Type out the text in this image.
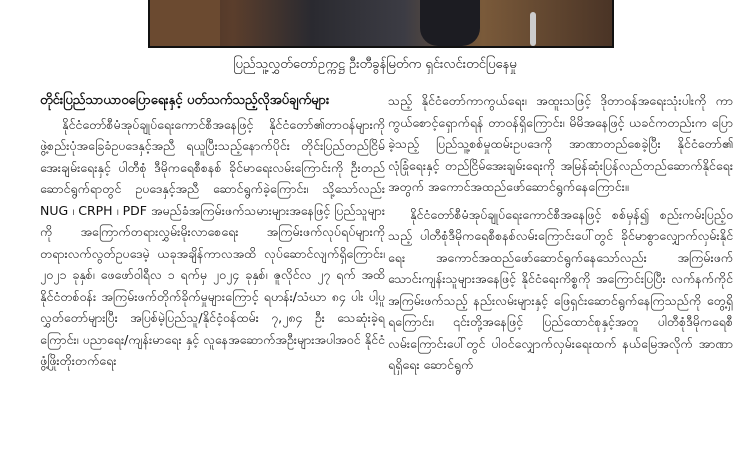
ပြည်သူ့လွှတ်တော်ဥက္ကဋ္ဌ ဦးတီခွန်မြတ်က ရှင်းလင်းတင်ပြနေမှု
တိုင်းပြည်သာယာဝပြောရေးနှင့် ပတ်သက်သည့်လိုအပ်ချက်များ

နိုင်ငံတော်စီမံအုပ်ချုပ်ရေးကောင်စီအနေဖြင့် နိုင်ငံတော်၏တာဝန်များကို ဖွဲ့စည်းပုံအခြေခံဥပဒေနှင့်အညီ ရယူပြီးသည့်နောက်ပိုင်း တိုင်းပြည်တည်ငြိမ်အေးချမ်းရေးနှင့် ပါတီစုံ ဒီမိုကရေစီစနစ် ခိုင်မာရေးလမ်းကြောင်းကို ဦးတည်ဆောင်ရွက်ရာတွင် ဥပဒေနှင့်အညီ ဆောင်ရွက်ခဲ့ကြောင်း၊ သို့သော်လည်း NUG ၊ CRPH ၊ PDF အမည်ခံအကြမ်းဖက်သမားများအနေဖြင့် ပြည်သူများကို အကြောက်တရားလွှမ်းမိုးလာစေရေး အကြမ်းဖက်လုပ်ရပ်များကို တရားလက်လွတ်ဥပဒေမဲ့ ယခုအချိန်ကာလအထိ လုပ်ဆောင်လျက်ရှိကြောင်း၊ ၂၀၂၁ ခုနှစ်၊ ဖေဖော်ဝါရီလ ၁ ရက်မှ ၂၀၂၄ ခုနှစ်၊ ဇူလိုင်လ ၂၇ ရက် အထိ နိုင်ငံတစ်ဝန်း အကြမ်းဖက်တိုက်ခိုက်မှုများကြောင့် ရဟန်း/သံဃာ ၈၄ ပါး ပါ့ပူလွှတ်တော်များပြီး အပြစ်မဲ့ပြည်သူ/နိုင်ငံ့ဝန်ထမ်း ၇,၂၈၄ ဦး သေဆုံးခဲ့ရကြောင်း၊ ပညာရေး/ကျန်းမာရေး နှင့် လူနေအဆောက်အဦးများအပါအဝင် နိုင်ငံဖွံ့ဖြိုးတိုးတက်ရေး

သည့် နိုင်ငံတော်ကာကွယ်ရေး၊ အထူးသဖြင့် ဒိုတာဝန်အရေးသုံးပါးကို ကာကွယ်စောင့်ရှောက်ရန် တာဝန်ရှိကြောင်း၊ မိမိအနေဖြင့် ယခင်ကတည်းက ပြောခဲ့သည့် ပြည်သူ့စစ်မှုထမ်းဥပဒေကို အာဏာတည်စေခဲ့ပြီး နိုင်ငံတော်၏ လုံခြုံရေးနှင့် တည်ငြိမ်အေးချမ်းရေးကို အမြန်ဆုံးပြန်လည်တည်ဆောက်နိုင်ရေးအတွက် အကောင်အထည်ဖော်ဆောင်ရွက်နေကြောင်း။

နိုင်ငံတော်စီမံအုပ်ချုပ်ရေးကောင်စီအနေဖြင့် စစ်မှန်၍ စည်းကမ်းပြည့်ဝသည့် ပါတီစုံဒီမိုကရေစီစနစ်လမ်းကြောင်းပေါ်တွင် ခိုင်မာစွာလျှောက်လှမ်းနိုင်ရေး အကောင်အထည်ဖော်ဆောင်ရွက်နေသော်လည်း အကြမ်းဖက်သောင်းကျန်းသူများအနေဖြင့် နိုင်ငံရေးကိစ္စကို အကြောင်းပြပြီး လက်နက်ကိုင် အကြမ်းဖက်သည့် နည်းလမ်းများနှင့် ဖြေရှင်းဆောင်ရွက်နေကြသည်ကို တွေ့ရှိရကြောင်း၊ ၎င်းတို့အနေဖြင့် ပြည်ထောင်စုနှင့်အတူ ပါတီစုံဒီမိုကရေစီလမ်းကြောင်းပေါ်တွင် ပါဝင်လျှောက်လှမ်းရေးထက် နယ်မြေအလိုက် အာဏာရရှိရေး ဆောင်ရွက်
